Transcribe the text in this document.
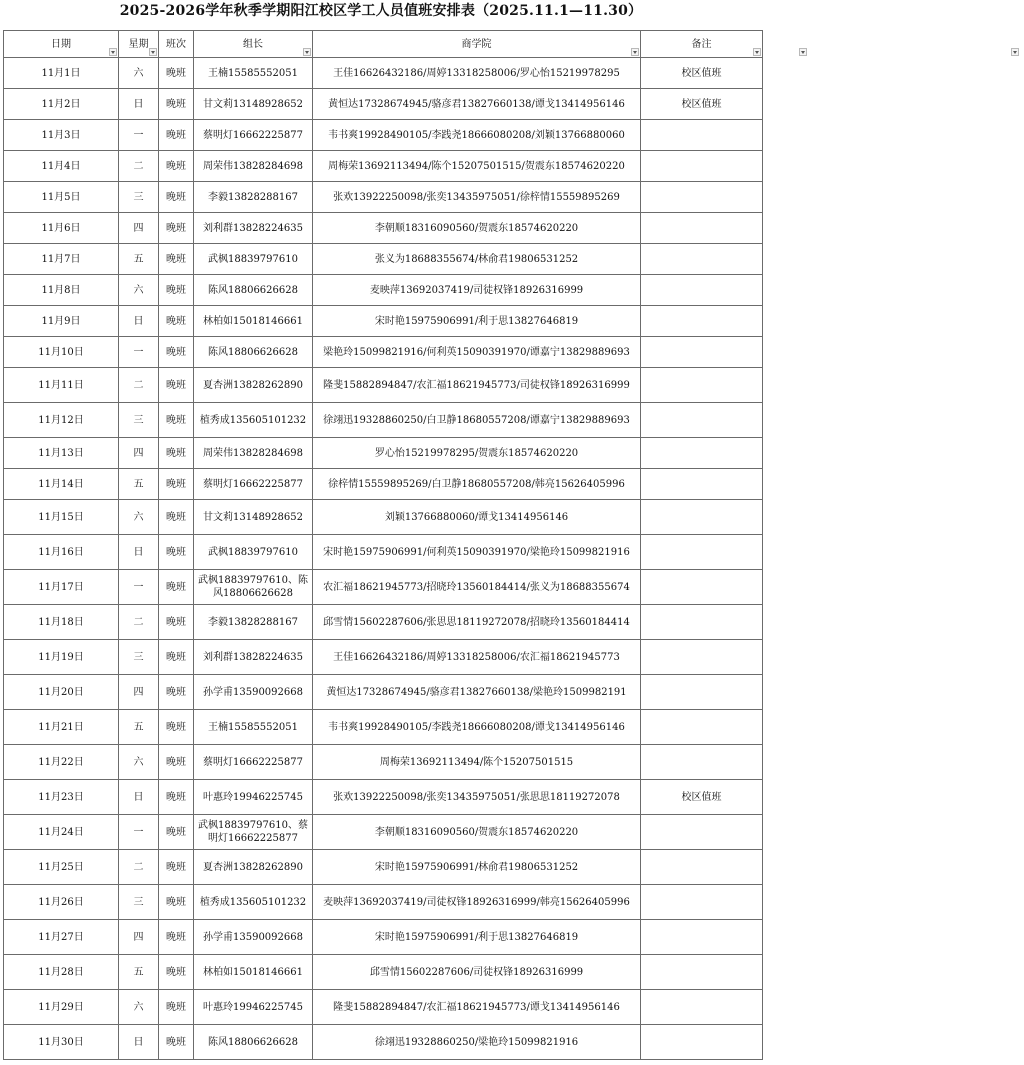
2025-2026学年秋季学期阳江校区学工人员值班安排表（2025.11.1—11.30）
日期	星期	班次	组长	商学院	备注

11月1日	六	晚班	王楠15585552051	王佳16626432186/周婷13318258006/罗心怡15219978295	校区值班
11月2日	日	晚班	甘文莉13148928652	黄恒达17328674945/骆彦君13827660138/谭戈13414956146	校区值班
11月3日	一	晚班	蔡明灯16662225877	韦书爽19928490105/李践尧18666080208/刘颖13766880060	
11月4日	二	晚班	周荣伟13828284698	周梅荣13692113494/陈个15207501515/贺震东18574620220	
11月5日	三	晚班	李毅13828288167	张欢13922250098/张奕13435975051/徐梓情15559895269	
11月6日	四	晚班	刘利群13828224635	李朝顺18316090560/贺震东18574620220	
11月7日	五	晚班	武枫18839797610	张义为18688355674/林俞君19806531252	
11月8日	六	晚班	陈风18806626628	麦映萍13692037419/司徒权锋18926316999	
11月9日	日	晚班	林柏如15018146661	宋时艳15975906991/利于思13827646819	
11月10日	一	晚班	陈风18806626628	梁艳玲15099821916/何利英15090391970/谭嘉宁13829889693	
11月11日	二	晚班	夏杏洲13828262890	隆斐15882894847/农汇福18621945773/司徒权锋18926316999	
11月12日	三	晚班	植秀成135605101232	徐翊迅19328860250/白卫静18680557208/谭嘉宁13829889693	
11月13日	四	晚班	周荣伟13828284698	罗心怡15219978295/贺震东18574620220	
11月14日	五	晚班	蔡明灯16662225877	徐梓情15559895269/白卫静18680557208/韩亮15626405996	
11月15日	六	晚班	甘文莉13148928652	刘颖13766880060/谭戈13414956146	
11月16日	日	晚班	武枫18839797610	宋时艳15975906991/何利英15090391970/梁艳玲15099821916	
11月17日	一	晚班	武枫18839797610、陈风18806626628	农汇福18621945773/招晓玲13560184414/张义为18688355674	
11月18日	二	晚班	李毅13828288167	邱雪情15602287606/张思思18119272078/招晓玲13560184414	
11月19日	三	晚班	刘利群13828224635	王佳16626432186/周婷13318258006/农汇福18621945773	
11月20日	四	晚班	孙学甫13590092668	黄恒达17328674945/骆彦君13827660138/梁艳玲1509982191	
11月21日	五	晚班	王楠15585552051	韦书爽19928490105/李践尧18666080208/谭戈13414956146	
11月22日	六	晚班	蔡明灯16662225877	周梅荣13692113494/陈个15207501515	
11月23日	日	晚班	叶惠玲19946225745	张欢13922250098/张奕13435975051/张思思18119272078	校区值班
11月24日	一	晚班	武枫18839797610、蔡明灯16662225877	李朝顺18316090560/贺震东18574620220	
11月25日	二	晚班	夏杏洲13828262890	宋时艳15975906991/林俞君19806531252	
11月26日	三	晚班	植秀成135605101232	麦映萍13692037419/司徒权锋18926316999/韩亮15626405996	
11月27日	四	晚班	孙学甫13590092668	宋时艳15975906991/利于思13827646819	
11月28日	五	晚班	林柏如15018146661	邱雪情15602287606/司徒权锋18926316999	
11月29日	六	晚班	叶惠玲19946225745	隆斐15882894847/农汇福18621945773/谭戈13414956146	
11月30日	日	晚班	陈风18806626628	徐翊迅19328860250/梁艳玲15099821916	
